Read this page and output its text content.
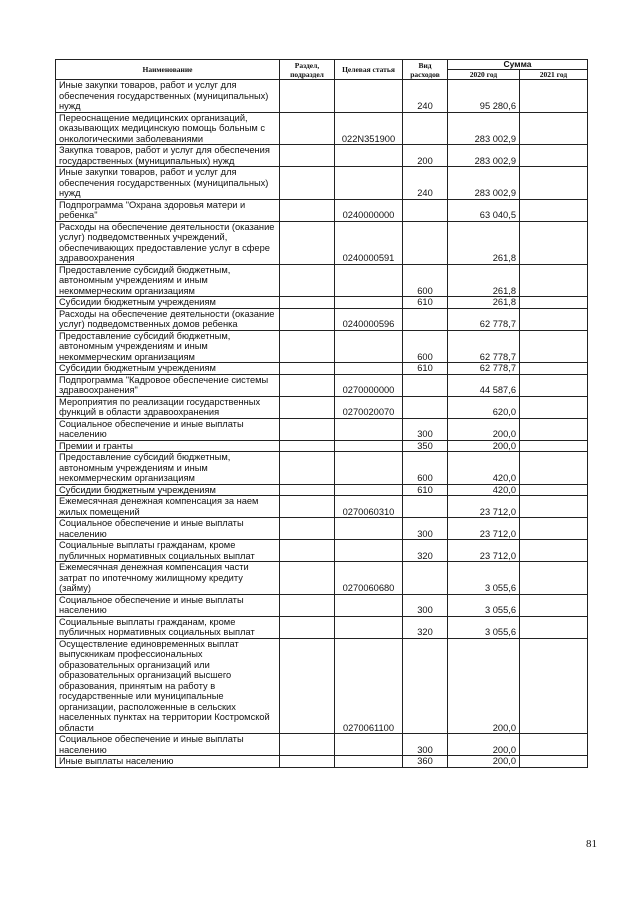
Наименование	Раздел, подраздел	Целевая статья	Вид расходов	Сумма	
				2020 год	2021 год
Иные закупки товаров, работ и услуг для обеспечения государственных (муниципальных) нужд			240	95 280,6	
Переоснащение медицинских организаций, оказывающих медицинскую помощь больным с онкологическими заболеваниями		022N351900		283 002,9	
Закупка товаров, работ и услуг для обеспечения государственных (муниципальных) нужд			200	283 002,9	
Иные закупки товаров, работ и услуг для обеспечения государственных (муниципальных) нужд			240	283 002,9	
Подпрограмма "Охрана здоровья матери и ребенка"		0240000000		63 040,5	
Расходы на обеспечение деятельности (оказание услуг) подведомственных учреждений, обеспечивающих предоставление услуг в сфере здравоохранения		0240000591		261,8	
Предоставление субсидий бюджетным, автономным учреждениям и иным некоммерческим организациям			600	261,8	
Субсидии бюджетным учреждениям			610	261,8	
Расходы на обеспечение деятельности (оказание услуг) подведомственных домов ребенка		0240000596		62 778,7	
Предоставление субсидий бюджетным, автономным учреждениям и иным некоммерческим организациям			600	62 778,7	
Субсидии бюджетным учреждениям			610	62 778,7	
Подпрограмма "Кадровое обеспечение системы здравоохранения"		0270000000		44 587,6	
Мероприятия по реализации государственных функций в области здравоохранения		0270020070		620,0	
Социальное обеспечение и иные выплаты населению			300	200,0	
Премии и гранты			350	200,0	
Предоставление субсидий бюджетным, автономным учреждениям и иным некоммерческим организациям			600	420,0	
Субсидии бюджетным учреждениям			610	420,0	
Ежемесячная денежная компенсация за наем жилых помещений		0270060310		23 712,0	
Социальное обеспечение и иные выплаты населению			300	23 712,0	
Социальные выплаты гражданам, кроме публичных нормативных социальных выплат			320	23 712,0	
Ежемесячная денежная компенсация части затрат по ипотечному жилищному кредиту (займу)		0270060680		3 055,6	
Социальное обеспечение и иные выплаты населению			300	3 055,6	
Социальные выплаты гражданам, кроме публичных нормативных социальных выплат			320	3 055,6	
Осуществление единовременных выплат выпускникам профессиональных образовательных организаций или образовательных организаций высшего образования, принятым на работу в государственные или муниципальные организации, расположенные в сельских населенных пунктах на территории Костромской области		0270061100		200,0	
Социальное обеспечение и иные выплаты населению			300	200,0	
Иные выплаты населению			360	200,0	
81
